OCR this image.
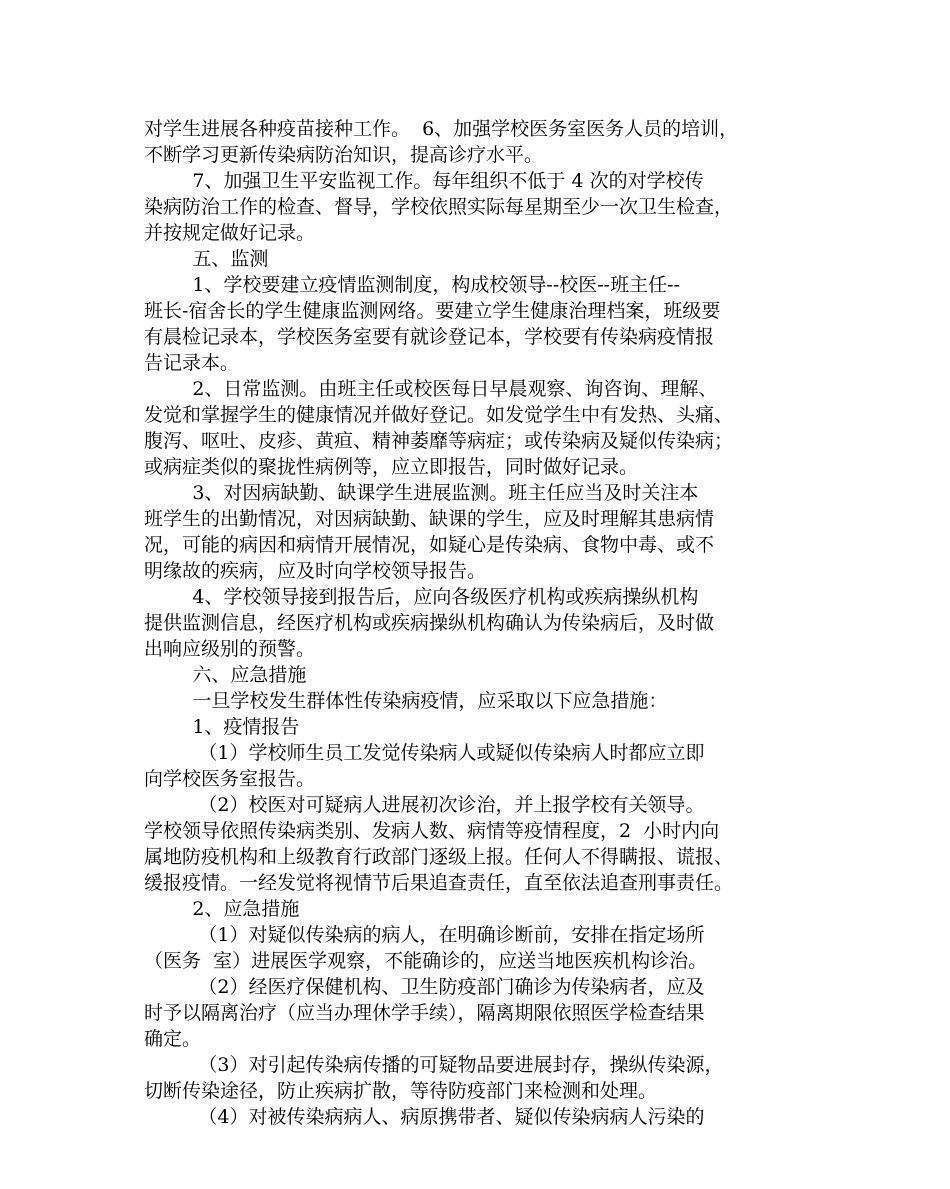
对学生进展各种疫苗接种工作。  6、加强学校医务室医务人员的培训，
不断学习更新传染病防治知识，提高诊疗水平。
7、加强卫生平安监视工作。每年组织不低于 4 次的对学校传
染病防治工作的检查、督导，学校依照实际每星期至少一次卫生检查，
并按规定做好记录。
五、监测
1、学校要建立疫情监测制度，构成校领导--校医--班主任--
班长-宿舍长的学生健康监测网络。要建立学生健康治理档案，班级要
有晨检记录本，学校医务室要有就诊登记本，学校要有传染病疫情报
告记录本。
2、日常监测。由班主任或校医每日早晨观察、询咨询、理解、
发觉和掌握学生的健康情况并做好登记。如发觉学生中有发热、头痛、
腹泻、呕吐、皮疹、黄疸、精神萎靡等病症；或传染病及疑似传染病；
或病症类似的聚拢性病例等，应立即报告，同时做好记录。
3、对因病缺勤、缺课学生进展监测。班主任应当及时关注本
班学生的出勤情况，对因病缺勤、缺课的学生，应及时理解其患病情
况，可能的病因和病情开展情况，如疑心是传染病、食物中毒、或不
明缘故的疾病，应及时向学校领导报告。
4、学校领导接到报告后，应向各级医疗机构或疾病操纵机构
提供监测信息，经医疗机构或疾病操纵机构确认为传染病后，及时做
出响应级别的预警。
六、应急措施
一旦学校发生群体性传染病疫情，应采取以下应急措施：
1、疫情报告
（1）学校师生员工发觉传染病人或疑似传染病人时都应立即
向学校医务室报告。
（2）校医对可疑病人进展初次诊治，并上报学校有关领导。
学校领导依照传染病类别、发病人数、病情等疫情程度，2  小时内向
属地防疫机构和上级教育行政部门逐级上报。任何人不得瞒报、谎报、
缓报疫情。一经发觉将视情节后果追查责任，直至依法追查刑事责任。
2、应急措施
（1）对疑似传染病的病人，在明确诊断前，安排在指定场所
（医务  室）进展医学观察，不能确诊的，应送当地医疾机构诊治。
（2）经医疗保健机构、卫生防疫部门确诊为传染病者，应及
时予以隔离治疗（应当办理休学手续），隔离期限依照医学检查结果
确定。
（3）对引起传染病传播的可疑物品要进展封存，操纵传染源，
切断传染途径，防止疾病扩散，等待防疫部门来检测和处理。
（4）对被传染病病人、病原携带者、疑似传染病病人污染的
